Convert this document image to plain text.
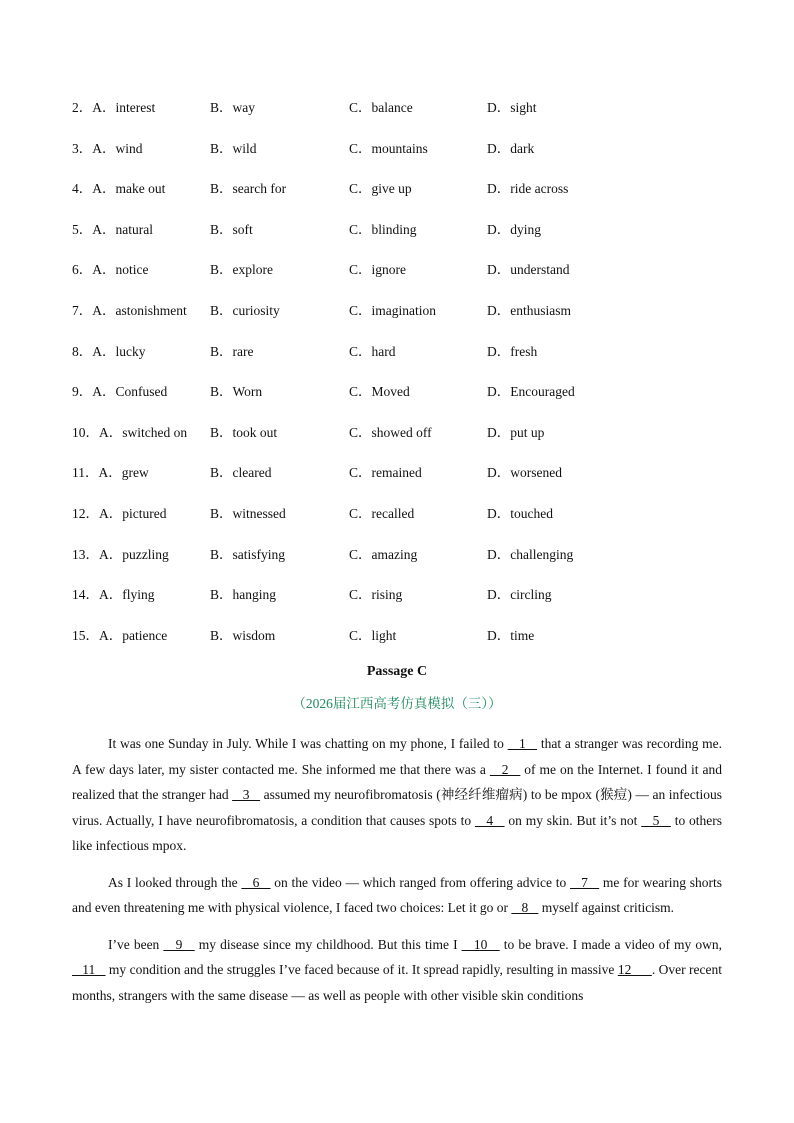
2．A．interest	B．way	C．balance	D．sight
3．A．wind	B．wild	C．mountains	D．dark
4．A．make out	B．search for	C．give up	D．ride across
5．A．natural	B．soft	C．blinding	D．dying
6．A．notice	B．explore	C．ignore	D．understand
7．A．astonishment B．curiosity	C．imagination	D．enthusiasm
8．A．lucky	B．rare	C．hard	D．fresh
9．A．Confused	B．Worn	C．Moved	D．Encouraged
10．A．switched on B．took out	C．showed off	D．put up
11．A．grew	B．cleared	C．remained	D．worsened
12．A．pictured	B．witnessed	C．recalled	D．touched
13．A．puzzling	B．satisfying	C．amazing	D．challenging
14．A．flying	B．hanging	C．rising	D．circling
15．A．patience	B．wisdom	C．light	D．time
Passage C
（2026届江西高考仿真模拟（三））

It was one Sunday in July. While I was chatting on my phone, I failed to    1    that a stranger was recording me. A few days later, my sister contacted me. She informed me that there was a    2    of me on the Internet. I found it and realized that the stranger had    3    assumed my neurofibromatosis (神经纤维瘤病) to be mpox (猴痘) — an infectious virus. Actually, I have neurofibromatosis, a condition that causes spots to    4    on my skin. But it’s not    5    to others like infectious mpox.

As I looked through the    6    on the video — which ranged from offering advice to    7    me for wearing shorts and even threatening me with physical violence, I faced two choices: Let it go or    8    myself against criticism.

I’ve been    9    my disease since my childhood. But this time I    10    to be brave. I made a video of my own,    11    my condition and the struggles I’ve faced because of it. It spread rapidly, resulting in massive 12      . Over recent months, strangers with the same disease — as well as people with other visible skin conditions
